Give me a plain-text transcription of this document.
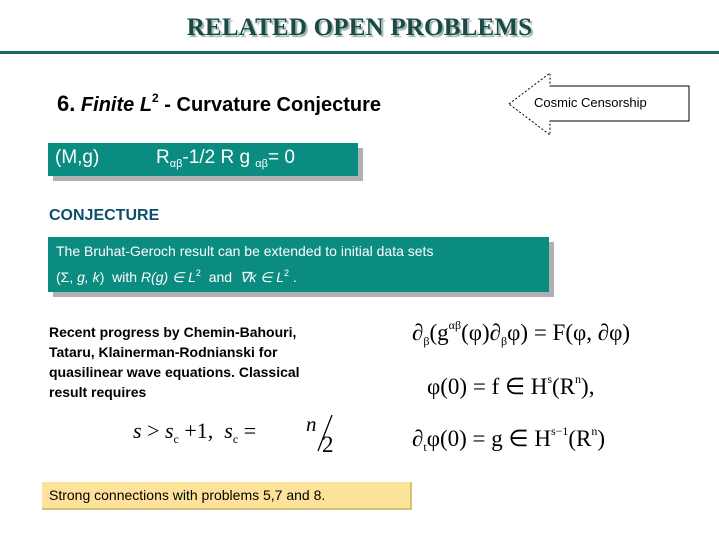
RELATED OPEN PROBLEMS
6. Finite $L^2$ - Curvature Conjecture	Cosmic Censorship
(M,g)	$R_{\alpha\beta}-1/2$ R g $_{\alpha\beta}$= 0
CONJECTURE
The Bruhat-Geroch result can be extended to initial data sets
(Σ, g, k) with R(g) ∈ $L^2$ and ∇k ∈ $L^2$ .
Recent progress by Chemin-Bahouri,
Tataru, Klainerman-Rodnianski for
quasilinear wave equations. Classical
result requires
$s > s_c +1$, $s_c = n$
2
$\partial_\beta(g^{\alpha\beta}(\varphi)\partial_\beta\varphi) = F(\varphi$, ∂φ)
φ(0) = f ∈ $H^s(R^n)$,
$\partial_t\varphi(0) = g$ ∈ $H^{s-1}(R^n)$
Strong connections with problems 5,7 and 8.
